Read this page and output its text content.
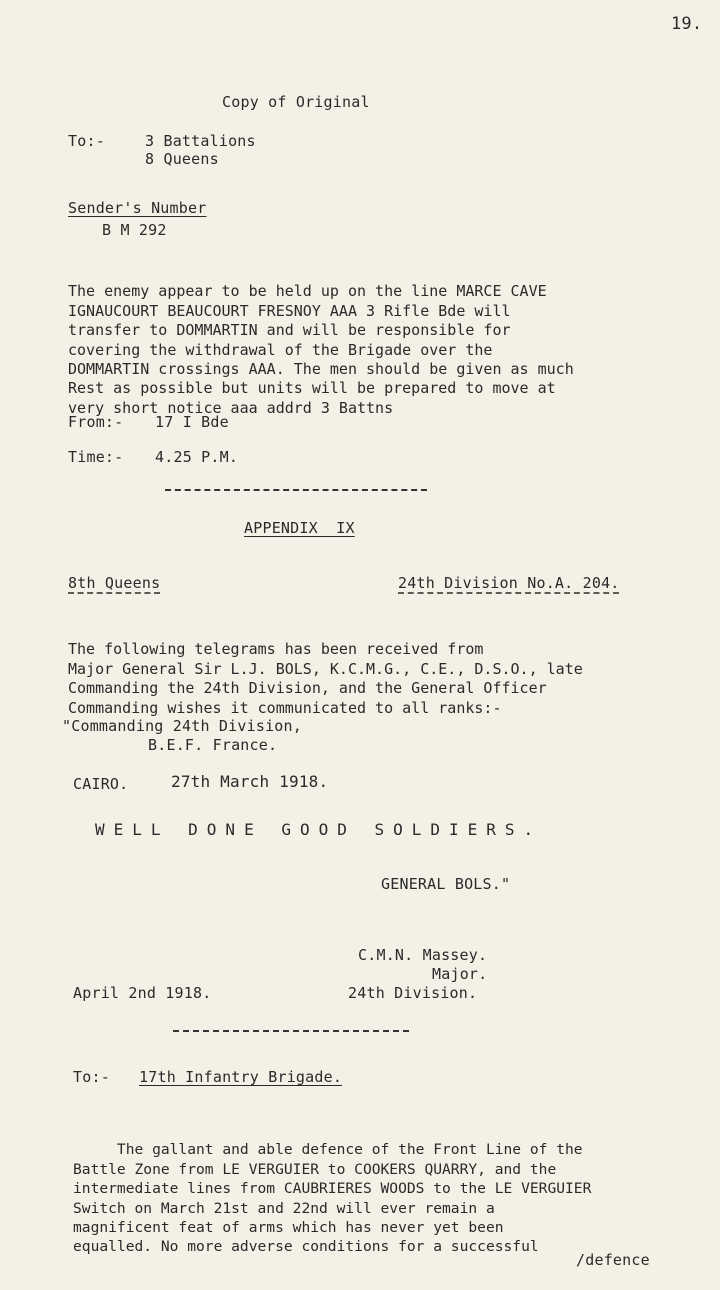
19.
Copy of Original
To:-	3 Battalions
8 Queens
Sender's Number
B M 292

The enemy appear to be held up on the line MARCE CAVE
IGNAUCOURT BEAUCOURT FRESNOY AAA 3 Rifle Bde will
transfer to DOMMARTIN and will be responsible for
covering the withdrawal of the Brigade over the
DOMMARTIN crossings AAA. The men should be given as much
Rest as possible but units will be prepared to move at
very short notice aaa addrd 3 Battns

From:- 17 I Bde
Time:- 4.25 P.M.
APPENDIX  IX
8th Queens	24th Division No.A. 204.

The following telegrams has been received from
Major General Sir L.J. BOLS, K.C.M.G., C.E., D.S.O., late
Commanding the 24th Division, and the General Officer
Commanding wishes it communicated to all ranks:-

"Commanding 24th Division,
B.E.F. France.
CAIRO.	27th March 1918.
WELL DONE GOOD SOLDIERS.
GENERAL BOLS."
C.M.N. Massey.
Major.
April 2nd 1918.	24th Division.
To:- 17th Infantry Brigade.

The gallant and able defence of the Front Line of the
Battle Zone from LE VERGUIER to COOKERS QUARRY, and the
intermediate lines from CAUBRIERES WOODS to the LE VERGUIER
Switch on March 21st and 22nd will ever remain a
magnificent feat of arms which has never yet been
equalled. No more adverse conditions for a successful

/defence
